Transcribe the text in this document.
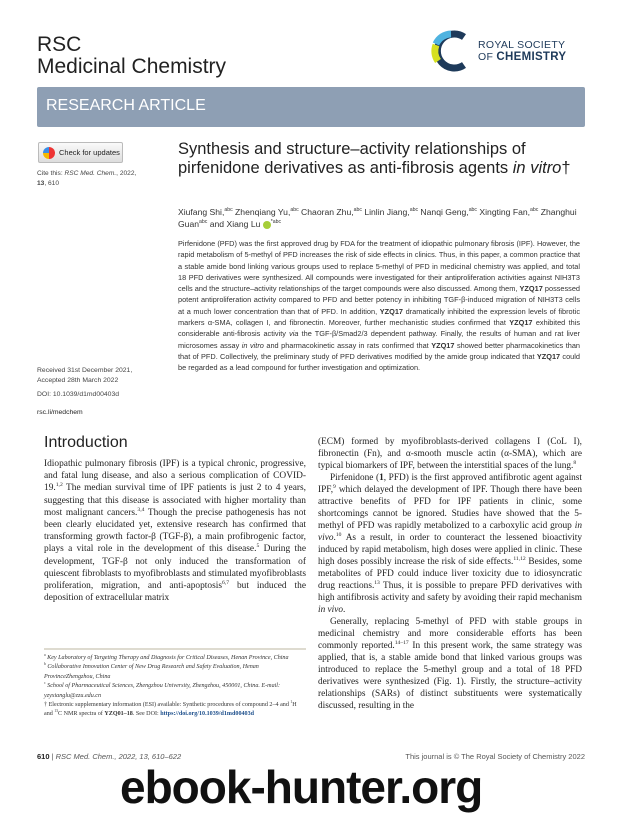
RSC
Medicinal Chemistry
ROYAL SOCIETY
OF CHEMISTRY
RESEARCH ARTICLE
Check for updates
Cite this: RSC Med. Chem., 2022, 13, 610
Synthesis and structure–activity relationships of pirfenidone derivatives as anti-fibrosis agents in vitro†
Xiufang Shi,$^{abc}$ Zhenqiang Yu,$^{abc}$ Chaoran Zhu,$^{abc}$ Linlin Jiang,$^{abc}$ Nanqi Geng,$^{abc}$ Xingting Fan,$^{abc}$ Zhanghui Guan$^{abc}$ and Xiang Lu $^{*abc}$
Pirfenidone (PFD) was the first approved drug by FDA for the treatment of idiopathic pulmonary fibrosis (IPF). However, the rapid metabolism of 5-methyl of PFD increases the risk of side effects in clinics. Thus, in this paper, a common practice that a stable amide bond linking various groups used to replace 5-methyl of PFD in medicinal chemistry was applied, and total 18 PFD derivatives were synthesized. All compounds were investigated for their antiproliferation activities against NIH3T3 cells and the structure–activity relationships of the target compounds were also discussed. Among them, YZQ17 possessed potent antiproliferation activity compared to PFD and better potency in inhibiting TGF-β-induced migration of NIH3T3 cells at a much lower concentration than that of PFD. In addition, YZQ17 dramatically inhibited the expression levels of fibrotic markers α-SMA, collagen I, and fibronectin. Moreover, further mechanistic studies confirmed that YZQ17 exhibited this considerable anti-fibrosis activity via the TGF-β/Smad2/3 dependent pathway. Finally, the results of human and rat liver microsomes assay in vitro and pharmacokinetic assay in rats confirmed that YZQ17 showed better pharmacokinetics than that of PFD. Collectively, the preliminary study of PFD derivatives modified by the amide group indicated that YZQ17 could be regarded as a lead compound for further investigation and optimization.
Received 31st December 2021,
Accepted 28th March 2022
DOI: 10.1039/d1md00403d
rsc.li/medchem
Introduction

Idiopathic pulmonary fibrosis (IPF) is a typical chronic, progressive, and fatal lung disease, and also a serious complication of COVID-19.$^{1,2}$ The median survival time of IPF patients is just 2 to 4 years, suggesting that this disease is associated with higher mortality than most malignant cancers.$^{3,4}$ Though the precise pathogenesis has not been clearly elucidated yet, extensive research has confirmed that transforming growth factor-β (TGF-β), a main profibrogenic factor, plays a vital role in the development of this disease.$^5$ During the development, TGF-β not only induced the transformation of quiescent fibroblasts to myofibroblasts and stimulated myofibroblasts proliferation, migration, and anti-apoptosis$^{6,7}$ but induced the deposition of extracellular matrix

(ECM) formed by myofibroblasts-derived collagens I (CoL I), fibronectin (Fn), and α-smooth muscle actin (α-SMA), which are typical biomarkers of IPF, between the interstitial spaces of the lung.$^8$

Pirfenidone (1, PFD) is the first approved antifibrotic agent against IPF,$^9$ which delayed the development of IPF. Though there have been attractive benefits of PFD for IPF patients in clinic, some shortcomings cannot be ignored. Studies have showed that the 5-methyl of PFD was rapidly metabolized to a carboxylic acid group in vivo.$^{10}$ As a result, in order to counteract the lessened bioactivity induced by rapid metabolism, high doses were applied in clinic. These high doses possibly increase the risk of side effects.$^{11,12}$ Besides, some metabolites of PFD could induce liver toxicity due to idiosyncratic drug reactions.$^{13}$ Thus, it is possible to prepare PFD derivatives with high antifibrosis activity and safety by avoiding their rapid mechanism in vivo.

Generally, replacing 5-methyl of PFD with stable groups in medicinal chemistry and more considerable efforts has been commonly reported.$^{14-17}$ In this present work, the same strategy was applied, that is, a stable amide bond that linked various groups was introduced to replace the 5-methyl group and a total of 18 PFD derivatives were synthesized (Fig. 1). Firstly, the structure–activity relationships (SARs) of distinct substituents were systematically discussed, resulting in the

$^a$ Key Laboratory of Targeting Therapy and Diagnosis for Critical Diseases, Henan Province, China
$^b$ Collaborative Innovation Center of New Drug Research and Safety Evaluation, Henan ProvinceZhengzhou, China
$^c$ School of Pharmaceutical Sciences, Zhengzhou University, Zhengzhou, 450001, China. E-mail: yzyxianglu@zzu.edu.cn
† Electronic supplementary information (ESI) available: Synthetic procedures of compound 2–4 and $^1$H and $^{13}$C NMR spectra of YZQ01–18. See DOI: https://doi.org/10.1039/d1md00403d
610 | RSC Med. Chem., 2022, 13, 610–622	This journal is © The Royal Society of Chemistry 2022
ebook-hunter.org
